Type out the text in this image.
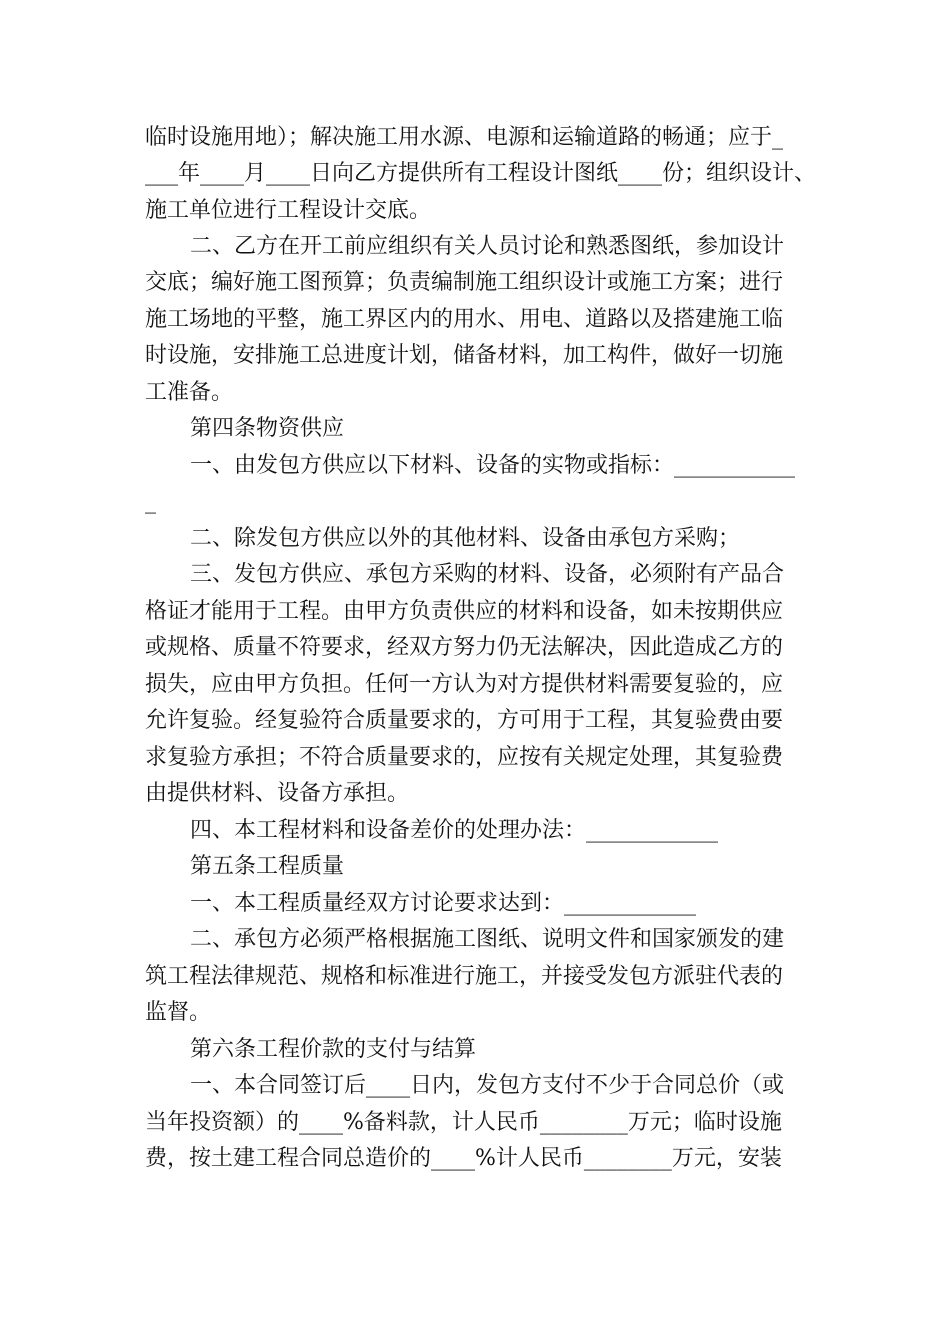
临时设施用地）；解决施工用水源、电源和运输道路的畅通；应于_
___年____月____日向乙方提供所有工程设计图纸____份；组织设计、
施工单位进行工程设计交底。
二、乙方在开工前应组织有关人员讨论和熟悉图纸，参加设计
交底；编好施工图预算；负责编制施工组织设计或施工方案；进行
施工场地的平整，施工界区内的用水、用电、道路以及搭建施工临
时设施，安排施工总进度计划，储备材料，加工构件，做好一切施
工准备。
第四条物资供应
一、由发包方供应以下材料、设备的实物或指标：___________
_
二、除发包方供应以外的其他材料、设备由承包方采购；
三、发包方供应、承包方采购的材料、设备，必须附有产品合
格证才能用于工程。由甲方负责供应的材料和设备，如未按期供应
或规格、质量不符要求，经双方努力仍无法解决，因此造成乙方的
损失，应由甲方负担。任何一方认为对方提供材料需要复验的，应
允许复验。经复验符合质量要求的，方可用于工程，其复验费由要
求复验方承担；不符合质量要求的，应按有关规定处理，其复验费
由提供材料、设备方承担。
四、本工程材料和设备差价的处理办法：____________
第五条工程质量
一、本工程质量经双方讨论要求达到：____________
二、承包方必须严格根据施工图纸、说明文件和国家颁发的建
筑工程法律规范、规格和标准进行施工，并接受发包方派驻代表的
监督。
第六条工程价款的支付与结算
一、本合同签订后____日内，发包方支付不少于合同总价（或
当年投资额）的____%备料款，计人民币________万元；临时设施
费，按土建工程合同总造价的____%计人民币________万元，安装
